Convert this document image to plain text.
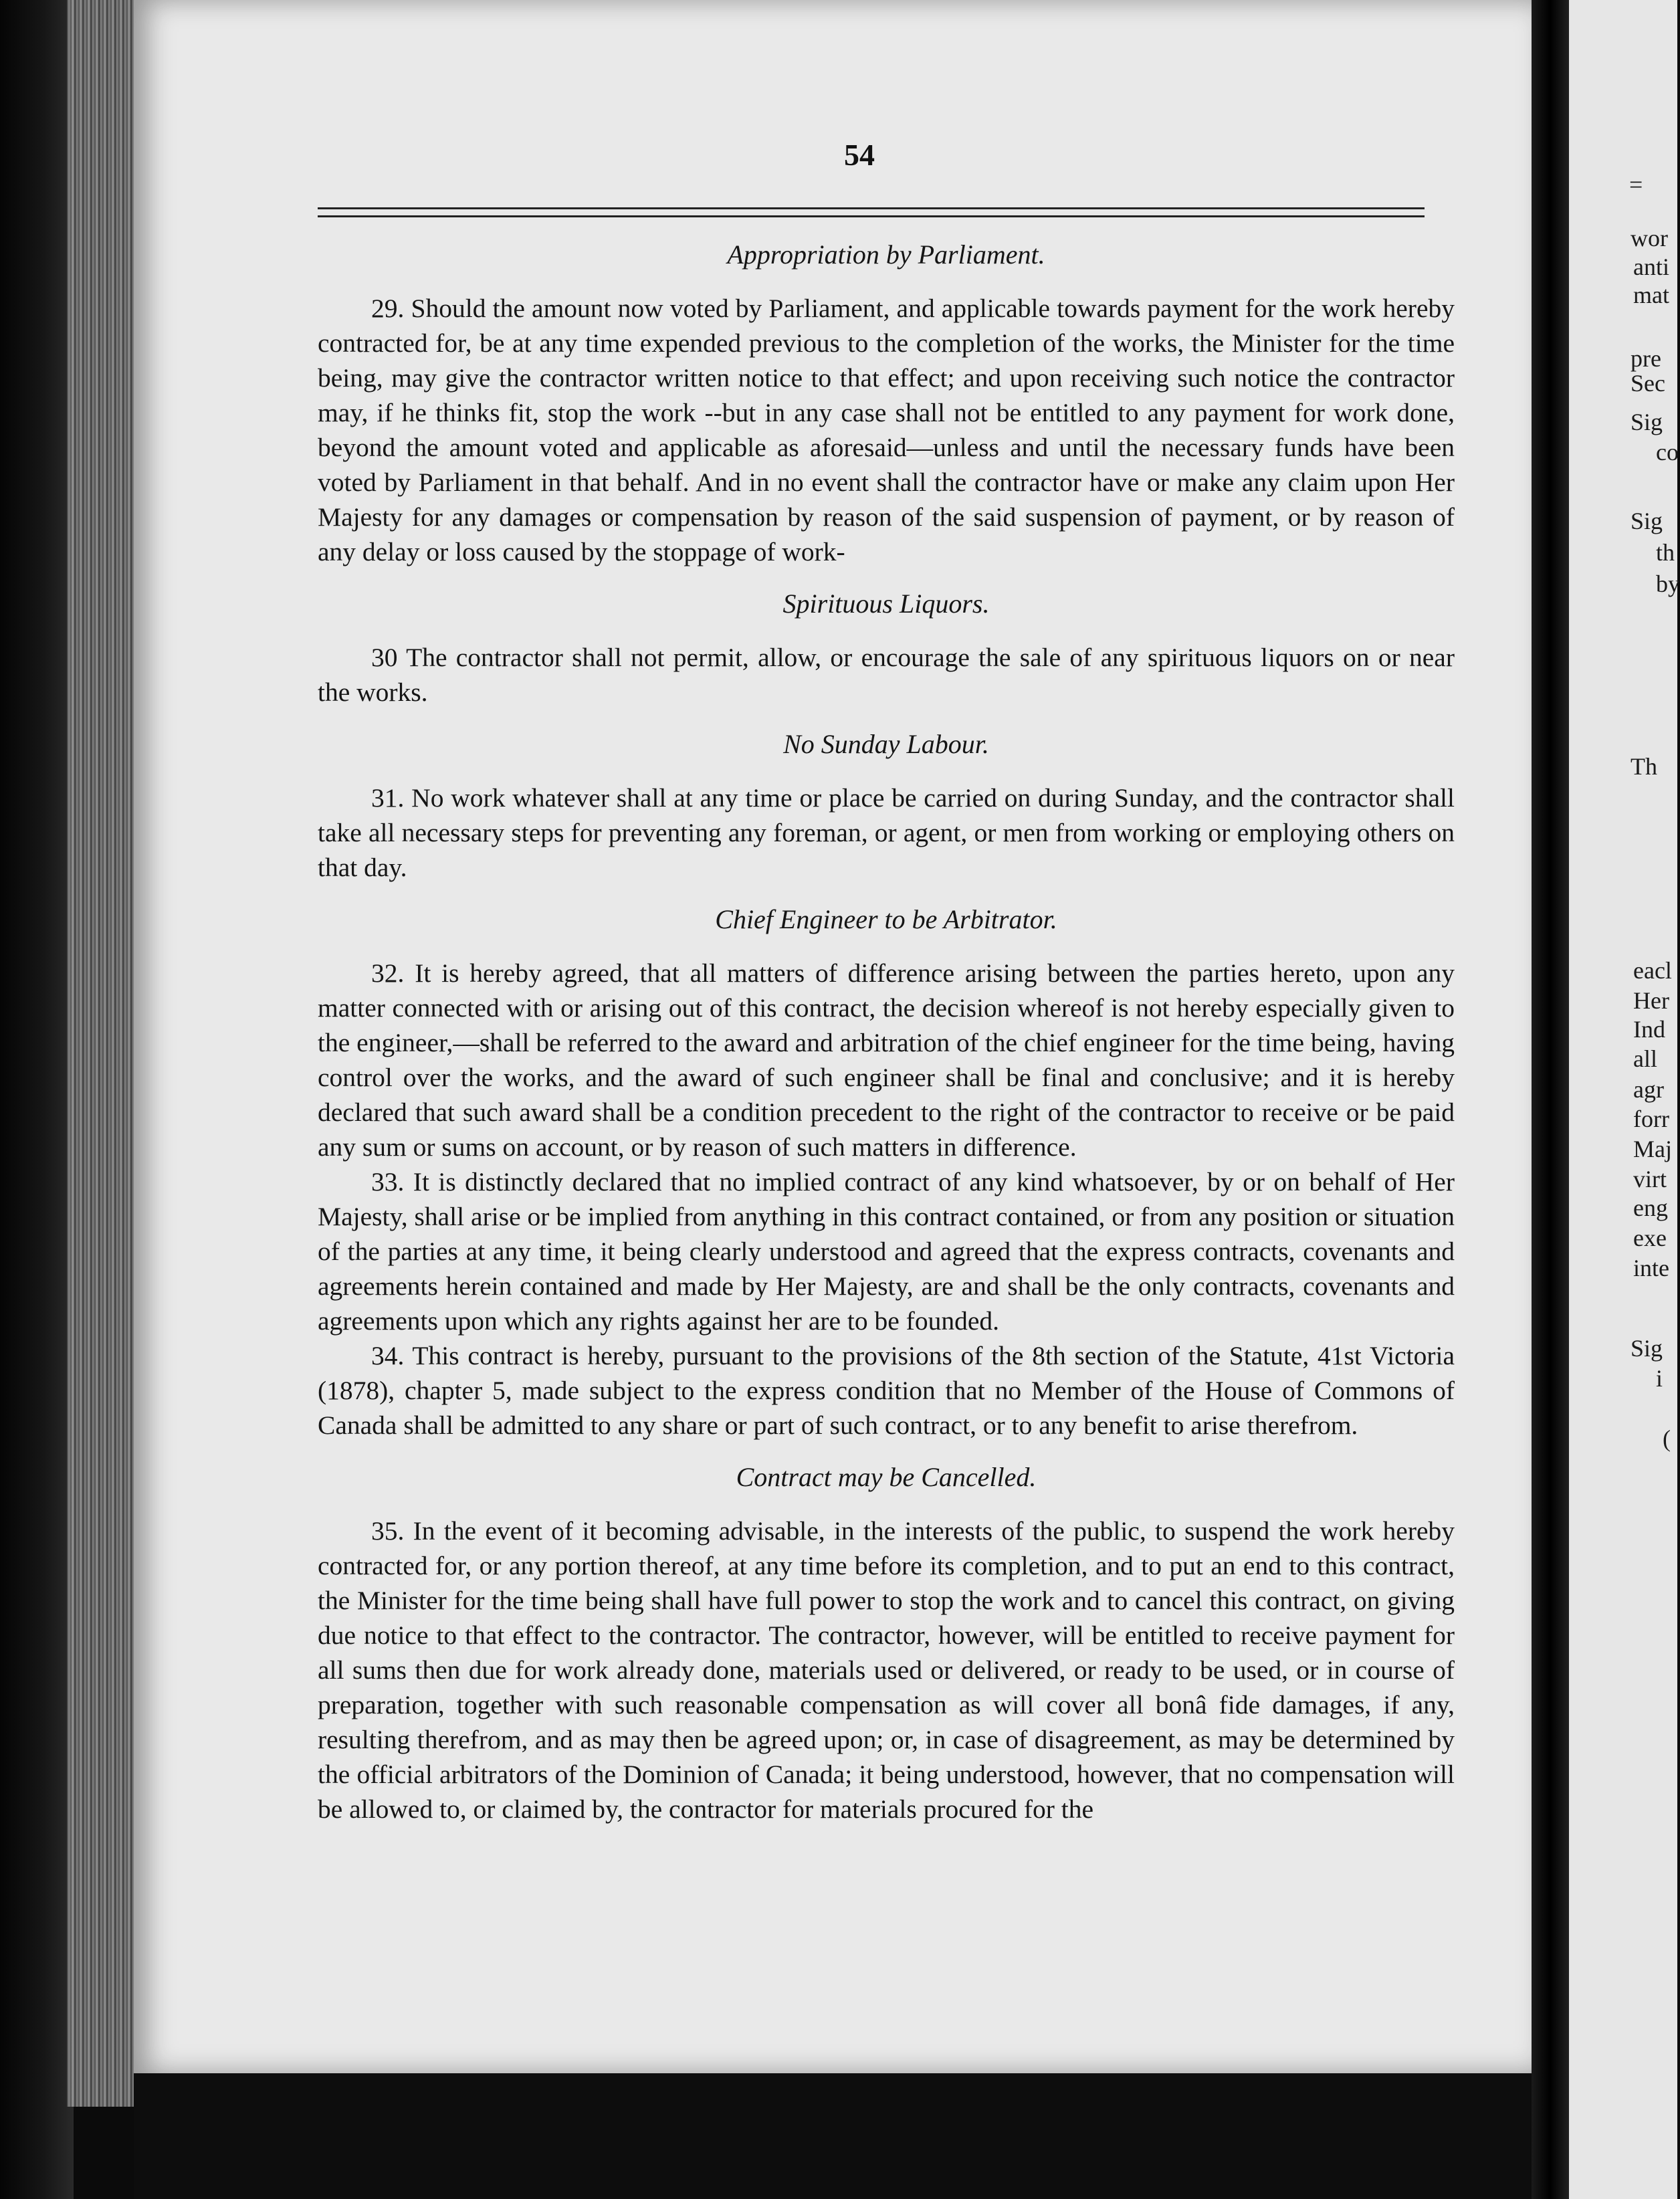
54

Appropriation by Parliament.

29. Should the amount now voted by Parliament, and applicable towards payment for the work hereby contracted for, be at any time expended previous to the completion of the works, the Minister for the time being, may give the contractor written notice to that effect; and upon receiving such notice the contractor may, if he thinks fit, stop the work --but in any case shall not be entitled to any payment for work done, beyond the amount voted and applicable as aforesaid—unless and until the necessary funds have been voted by Parliament in that behalf. And in no event shall the contractor have or make any claim upon Her Majesty for any damages or compensation by reason of the said suspension of payment, or by reason of any delay or loss caused by the stoppage of work-

Spirituous Liquors.

30 The contractor shall not permit, allow, or encourage the sale of any spirituous liquors on or near the works.

No Sunday Labour.

31. No work whatever shall at any time or place be carried on during Sunday, and the contractor shall take all necessary steps for preventing any foreman, or agent, or men from working or employing others on that day.

Chief Engineer to be Arbitrator.

32. It is hereby agreed, that all matters of difference arising between the parties hereto, upon any matter connected with or arising out of this contract, the decision whereof is not hereby especially given to the engineer,—shall be referred to the award and arbitration of the chief engineer for the time being, having control over the works, and the award of such engineer shall be final and conclusive; and it is hereby declared that such award shall be a condition precedent to the right of the contractor to receive or be paid any sum or sums on account, or by reason of such matters in difference.

33. It is distinctly declared that no implied contract of any kind whatsoever, by or on behalf of Her Majesty, shall arise or be implied from anything in this contract contained, or from any position or situation of the parties at any time, it being clearly understood and agreed that the express contracts, covenants and agreements herein contained and made by Her Majesty, are and shall be the only contracts, covenants and agreements upon which any rights against her are to be founded.

34. This contract is hereby, pursuant to the provisions of the 8th section of the Statute, 41st Victoria (1878), chapter 5, made subject to the express condition that no Member of the House of Commons of Canada shall be admitted to any share or part of such contract, or to any benefit to arise therefrom.

Contract may be Cancelled.

35. In the event of it becoming advisable, in the interests of the public, to suspend the work hereby contracted for, or any portion thereof, at any time before its completion, and to put an end to this contract, the Minister for the time being shall have full power to stop the work and to cancel this contract, on giving due notice to that effect to the contractor. The contractor, however, will be entitled to receive payment for all sums then due for work already done, materials used or delivered, or ready to be used, or in course of preparation, together with such reasonable compensation as will cover all bonâ fide damages, if any, resulting therefrom, and as may then be agreed upon; or, in case of disagreement, as may be determined by the official arbitrators of the Dominion of Canada; it being understood, however, that no compensation will be allowed to, or claimed by, the contractor for materials procured for the

=
wor
anti
mat
pre
Sec
Sig
co
Sig
th
by
Th
eacl
Her
Ind
all
agr
forr
Maj
virt
eng
exe
inte
Sig
i
(
